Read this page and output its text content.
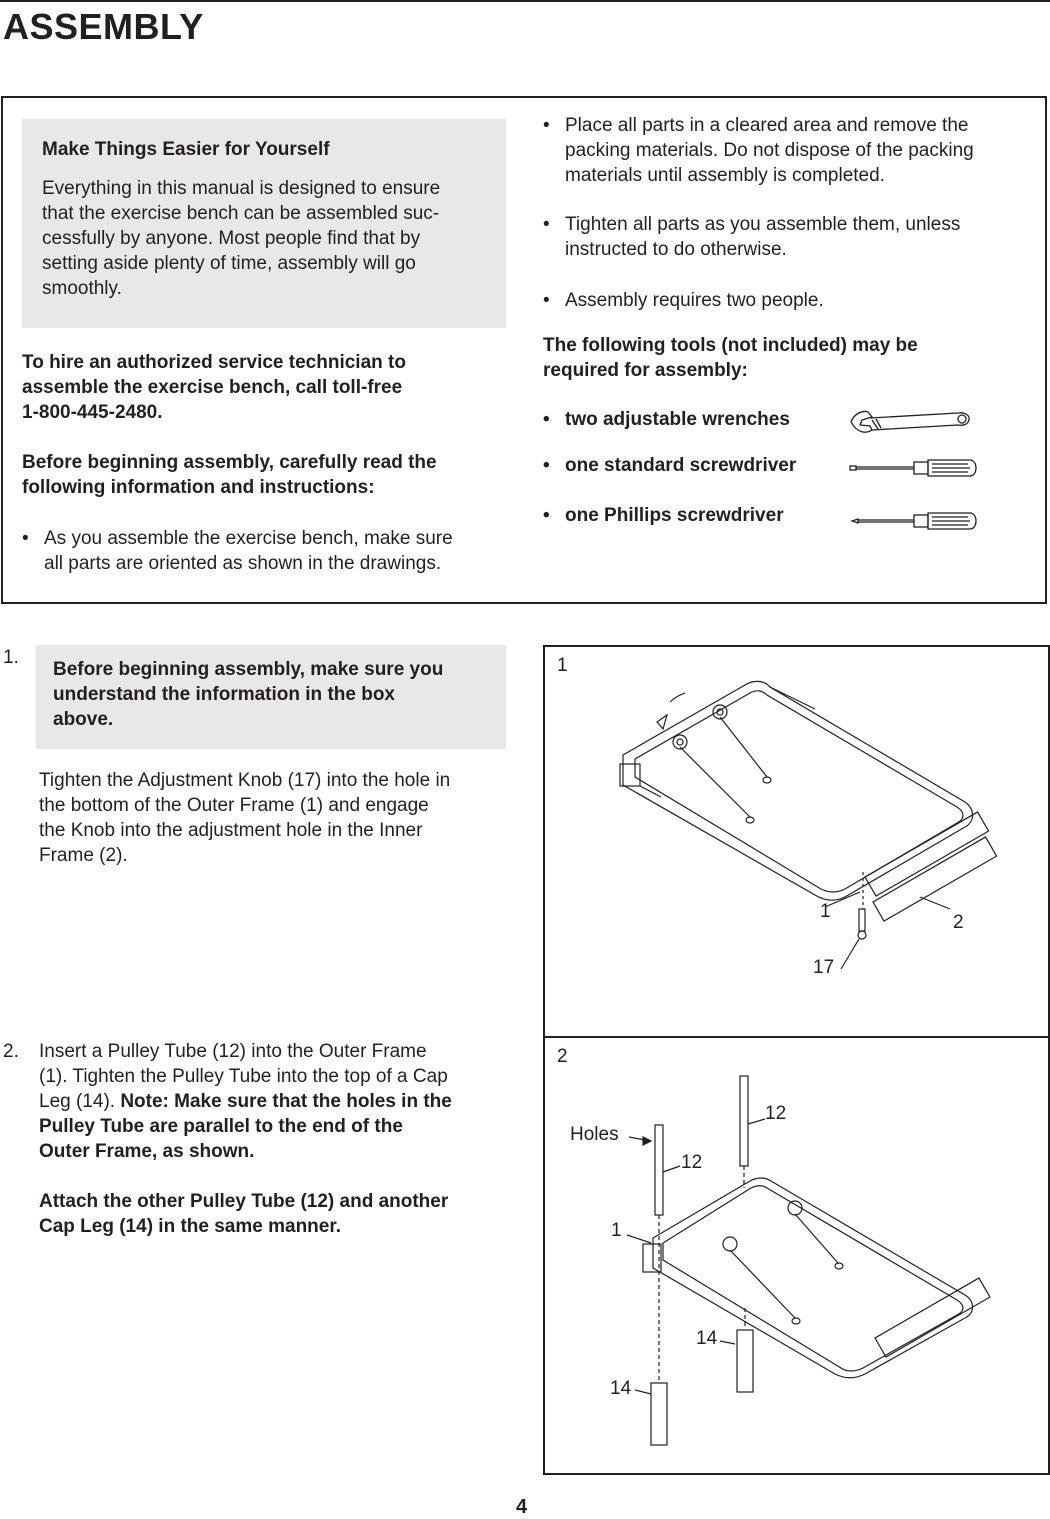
ASSEMBLY
Make Things Easier for Yourself
Everything in this manual is designed to ensure
that the exercise bench can be assembled suc-
cessfully by anyone. Most people find that by
setting aside plenty of time, assembly will go
smoothly.
To hire an authorized service technician to
assemble the exercise bench, call toll-free
1-800-445-2480.
Before beginning assembly, carefully read the
following information and instructions:
• As you assemble the exercise bench, make sure
all parts are oriented as shown in the drawings.
• Place all parts in a cleared area and remove the
packing materials. Do not dispose of the packing
materials until assembly is completed.
• Tighten all parts as you assemble them, unless
instructed to do otherwise.
• Assembly requires two people.
The following tools (not included) may be
required for assembly:
• two adjustable wrenches
• one standard screwdriver
• one Phillips screwdriver
1.
Before beginning assembly, make sure you
understand the information in the box
above.
Tighten the Adjustment Knob (17) into the hole in
the bottom of the Outer Frame (1) and engage
the Knob into the adjustment hole in the Inner
Frame (2).
2. Insert a Pulley Tube (12) into the Outer Frame
(1). Tighten the Pulley Tube into the top of a Cap
Leg (14). Note: Make sure that the holes in the
Pulley Tube are parallel to the end of the
Outer Frame, as shown.
Attach the other Pulley Tube (12) and another
Cap Leg (14) in the same manner.
1
1
2
17
2
Holes
12
12
1
14
14
4
